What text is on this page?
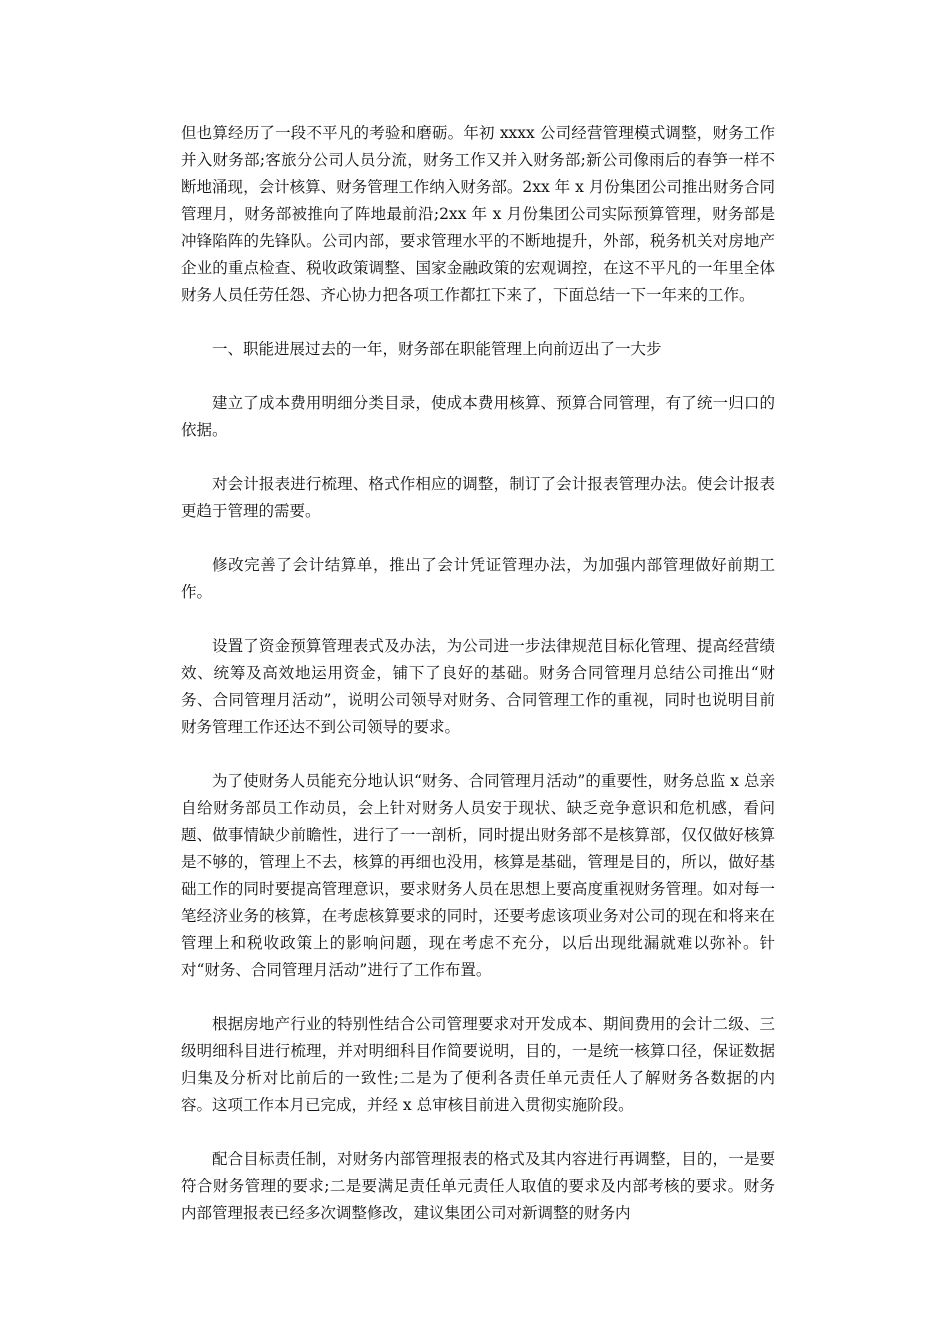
但也算经历了一段不平凡的考验和磨砺。年初 xxxx 公司经营管理模式调整，财务工作并入财务部;客旅分公司人员分流，财务工作又并入财务部;新公司像雨后的春笋一样不断地涌现，会计核算、财务管理工作纳入财务部。2xx 年 x 月份集团公司推出财务合同管理月，财务部被推向了阵地最前沿;2xx 年 x 月份集团公司实际预算管理，财务部是冲锋陷阵的先锋队。公司内部，要求管理水平的不断地提升，外部，税务机关对房地产企业的重点检查、税收政策调整、国家金融政策的宏观调控，在这不平凡的一年里全体财务人员任劳任怨、齐心协力把各项工作都扛下来了，下面总结一下一年来的工作。

一、职能进展过去的一年，财务部在职能管理上向前迈出了一大步

建立了成本费用明细分类目录，使成本费用核算、预算合同管理，有了统一归口的依据。

对会计报表进行梳理、格式作相应的调整，制订了会计报表管理办法。使会计报表更趋于管理的需要。

修改完善了会计结算单，推出了会计凭证管理办法，为加强内部管理做好前期工作。

设置了资金预算管理表式及办法，为公司进一步法律规范目标化管理、提高经营绩效、统筹及高效地运用资金，铺下了良好的基础。财务合同管理月总结公司推出“财务、合同管理月活动”，说明公司领导对财务、合同管理工作的重视，同时也说明目前财务管理工作还达不到公司领导的要求。

为了使财务人员能充分地认识“财务、合同管理月活动”的重要性，财务总监 x 总亲自给财务部员工作动员，会上针对财务人员安于现状、缺乏竞争意识和危机感，看问题、做事情缺少前瞻性，进行了一一剖析，同时提出财务部不是核算部，仅仅做好核算是不够的，管理上不去，核算的再细也没用，核算是基础，管理是目的，所以，做好基础工作的同时要提高管理意识，要求财务人员在思想上要高度重视财务管理。如对每一笔经济业务的核算，在考虑核算要求的同时，还要考虑该项业务对公司的现在和将来在管理上和税收政策上的影响问题，现在考虑不充分，以后出现纰漏就难以弥补。针对“财务、合同管理月活动”进行了工作布置。

根据房地产行业的特别性结合公司管理要求对开发成本、期间费用的会计二级、三级明细科目进行梳理，并对明细科目作简要说明，目的，一是统一核算口径，保证数据归集及分析对比前后的一致性;二是为了便利各责任单元责任人了解财务各数据的内容。这项工作本月已完成，并经 x 总审核目前进入贯彻实施阶段。

配合目标责任制，对财务内部管理报表的格式及其内容进行再调整，目的，一是要符合财务管理的要求;二是要满足责任单元责任人取值的要求及内部考核的要求。财务内部管理报表已经多次调整修改，建议集团公司对新调整的财务内
